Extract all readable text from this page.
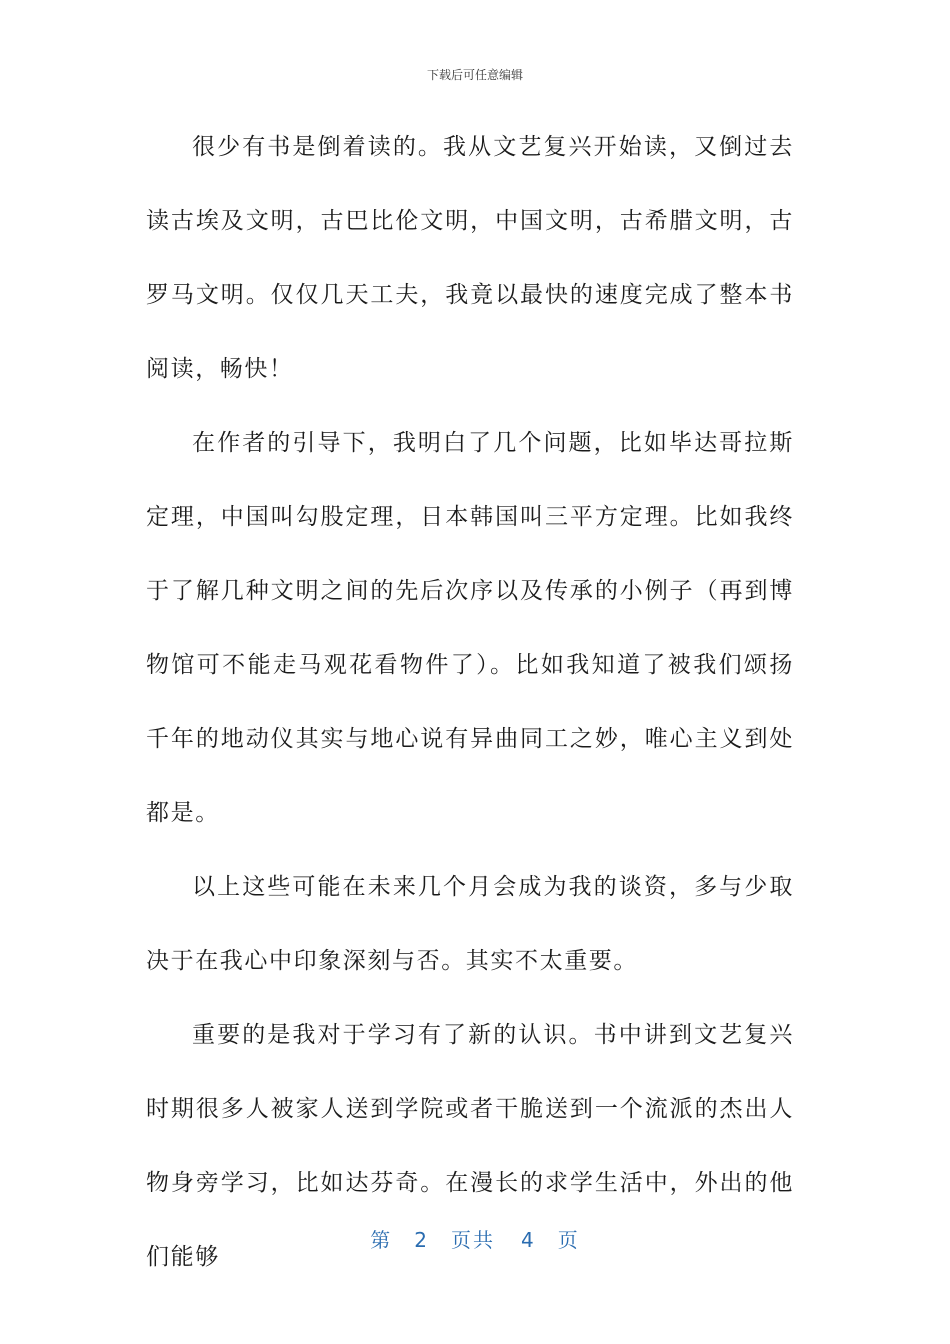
下载后可任意编辑

很少有书是倒着读的。我从文艺复兴开始读，又倒过去读古埃及文明，古巴比伦文明，中国文明，古希腊文明，古罗马文明。仅仅几天工夫，我竟以最快的速度完成了整本书阅读，畅快！

在作者的引导下，我明白了几个问题，比如毕达哥拉斯定理，中国叫勾股定理，日本韩国叫三平方定理。比如我终于了解几种文明之间的先后次序以及传承的小例子（再到博物馆可不能走马观花看物件了）。比如我知道了被我们颂扬千年的地动仪其实与地心说有异曲同工之妙，唯心主义到处都是。

以上这些可能在未来几个月会成为我的谈资，多与少取决于在我心中印象深刻与否。其实不太重要。

重要的是我对于学习有了新的认识。书中讲到文艺复兴时期很多人被家人送到学院或者干脆送到一个流派的杰出人物身旁学习，比如达芬奇。在漫长的求学生活中，外出的他们能够

第 2 页共 4 页
